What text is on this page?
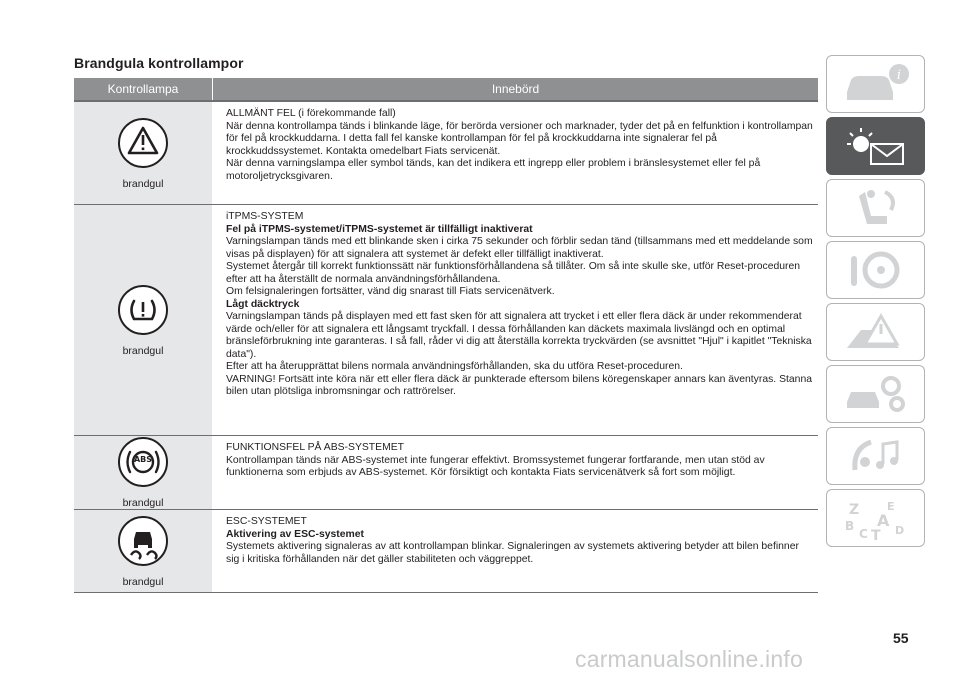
Brandgula kontrollampor
Kontrollampa	Innebörd
brandgul

ALLMÄNT FEL (i förekommande fall)

När denna kontrollampa tänds i blinkande läge, för berörda versioner och marknader, tyder det på en felfunktion i kontrollampan för fel på krockkuddarna. I detta fall fel kanske kontrollampan för fel på krockkuddarna inte signalerar fel på krockkuddssystemet. Kontakta omedelbart Fiats servicenät.

När denna varningslampa eller symbol tänds, kan det indikera ett ingrepp eller problem i bränslesystemet eller fel på motoroljetrycksgivaren.

brandgul

iTPMS-SYSTEM

Fel på iTPMS-systemet/iTPMS-systemet är tillfälligt inaktiverat

Varningslampan tänds med ett blinkande sken i cirka 75 sekunder och förblir sedan tänd (tillsammans med ett meddelande som visas på displayen) för att signalera att systemet är defekt eller tillfälligt inaktiverat.

Systemet återgår till korrekt funktionssätt när funktionsförhållandena så tillåter. Om så inte skulle ske, utför Reset-proceduren efter att ha återställt de normala användningsförhållandena.

Om felsignaleringen fortsätter, vänd dig snarast till Fiats servicenätverk.

Lågt däcktryck

Varningslampan tänds på displayen med ett fast sken för att signalera att trycket i ett eller flera däck är under rekommenderat värde och/eller för att signalera ett långsamt tryckfall. I dessa förhållanden kan däckets maximala livslängd och en optimal bränsleförbrukning inte garanteras. I så fall, råder vi dig att återställa korrekta tryckvärden (se avsnittet "Hjul" i kapitlet "Tekniska data").

Efter att ha återupprättat bilens normala användningsförhållanden, ska du utföra Reset-proceduren.

VARNING! Fortsätt inte köra när ett eller flera däck är punkterade eftersom bilens köregenskaper annars kan äventyras. Stanna bilen utan plötsliga inbromsningar och rattrörelser.

ABS
brandgul

FUNKTIONSFEL PÅ ABS-SYSTEMET

Kontrollampan tänds när ABS-systemet inte fungerar effektivt. Bromssystemet fungerar fortfarande, men utan stöd av funktionerna som erbjuds av ABS-systemet. Kör försiktigt och kontakta Fiats servicenätverk så fort som möjligt.

brandgul

ESC-SYSTEMET

Aktivering av ESC-systemet

Systemets aktivering signaleras av att kontrollampan blinkar. Signaleringen av systemets aktivering betyder att bilen befinner sig i kritiska förhållanden när det gäller stabiliteten och väggreppet.

i
Z	E
A
B
C T D
55
carmanualsonline.info
